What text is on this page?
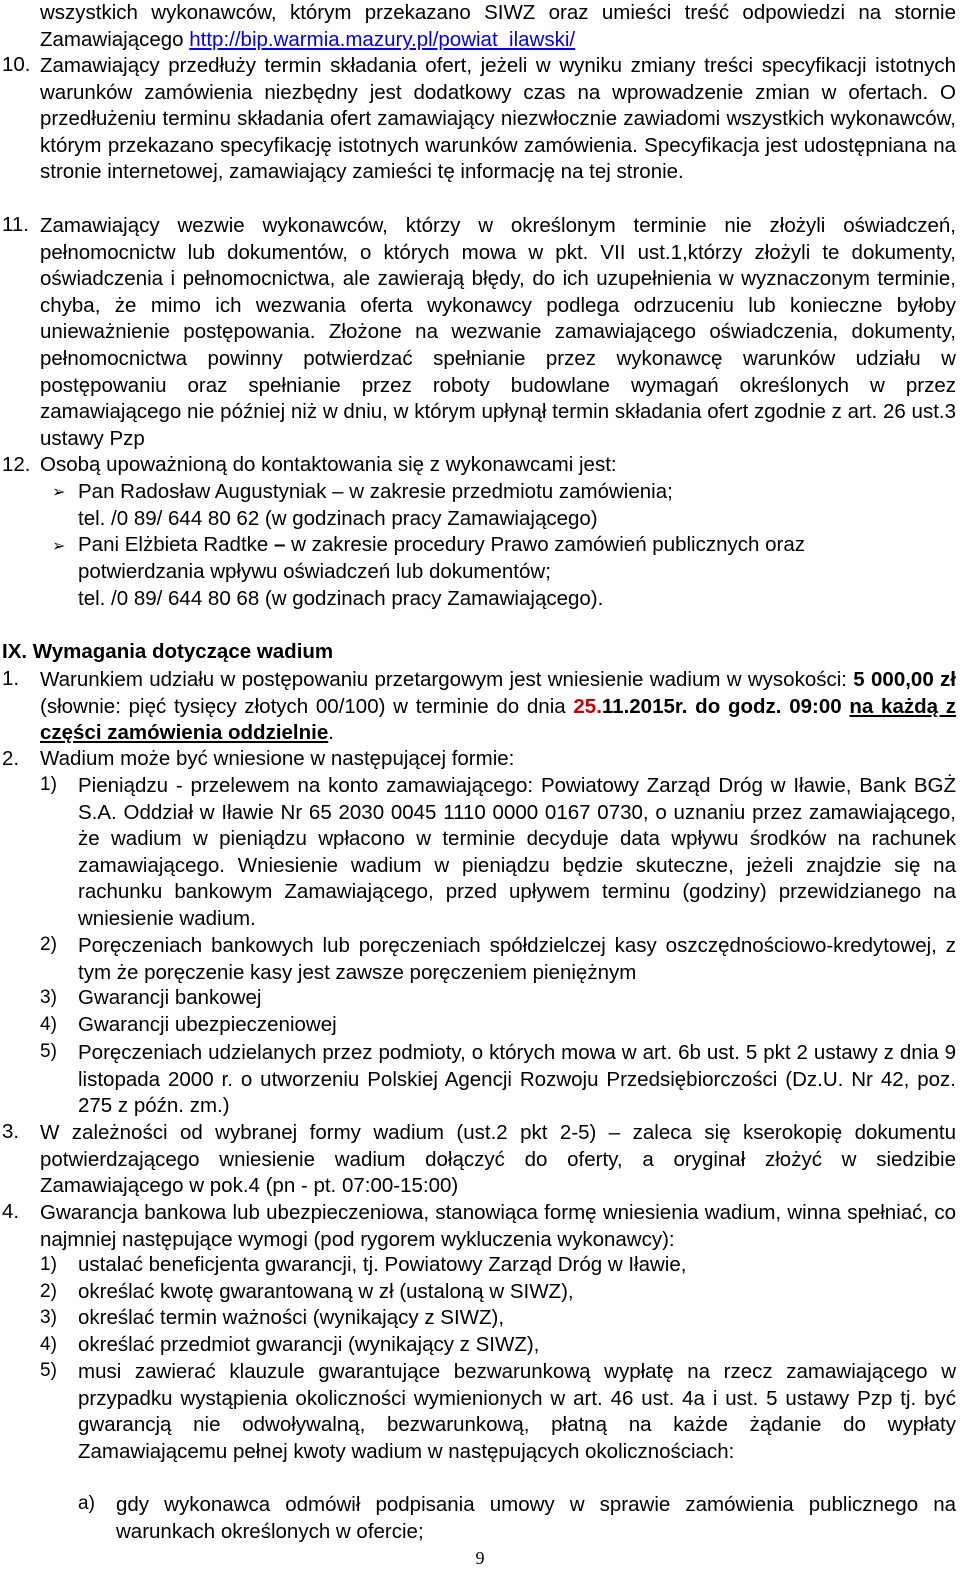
wszystkich wykonawców, którym przekazano SIWZ oraz umieści treść odpowiedzi na stornie Zamawiającego http://bip.warmia.mazury.pl/powiat_ilawski/
10. Zamawiający przedłuży termin składania ofert, jeżeli w wyniku zmiany treści specyfikacji istotnych warunków zamówienia niezbędny jest dodatkowy czas na wprowadzenie zmian w ofertach. O przedłużeniu terminu składania ofert zamawiający niezwłocznie zawiadomi wszystkich wykonawców, którym przekazano specyfikację istotnych warunków zamówienia. Specyfikacja jest udostępniana na stronie internetowej, zamawiający zamieści tę informację na tej stronie.
11. Zamawiający wezwie wykonawców, którzy w określonym terminie nie złożyli oświadczeń, pełnomocnictw lub dokumentów, o których mowa w pkt. VII ust.1,którzy złożyli te dokumenty, oświadczenia i pełnomocnictwa, ale zawierają błędy, do ich uzupełnienia w wyznaczonym terminie, chyba, że mimo ich wezwania oferta wykonawcy podlega odrzuceniu lub konieczne byłoby unieważnienie postępowania. Złożone na wezwanie zamawiającego oświadczenia, dokumenty, pełnomocnictwa powinny potwierdzać spełnianie przez wykonawcę warunków udziału w postępowaniu oraz spełnianie przez roboty budowlane wymagań określonych w przez zamawiającego nie później niż w dniu, w którym upłynął termin składania ofert zgodnie z art. 26 ust.3 ustawy Pzp
12. Osobą upoważnioną do kontaktowania się z wykonawcami jest:
➢ Pan Radosław Augustyniak – w zakresie przedmiotu zamówienia;
tel. /0 89/ 644 80 62 (w godzinach pracy Zamawiającego)
➢ Pani Elżbieta Radtke – w zakresie procedury Prawo zamówień publicznych oraz
potwierdzania wpływu oświadczeń lub dokumentów;
tel. /0 89/ 644 80 68 (w godzinach pracy Zamawiającego).
IX. Wymagania dotyczące wadium
1. Warunkiem udziału w postępowaniu przetargowym jest wniesienie wadium w wysokości: 5 000,00 zł (słownie: pięć tysięcy złotych 00/100) w terminie do dnia 25.11.2015r. do godz. 09:00 na każdą z części zamówienia oddzielnie.
2. Wadium może być wniesione w następującej formie:
1) Pieniądzu - przelewem na konto zamawiającego: Powiatowy Zarząd Dróg w Iławie, Bank BGŻ S.A. Oddział w Iławie Nr 65 2030 0045 1110 0000 0167 0730, o uznaniu przez zamawiającego, że wadium w pieniądzu wpłacono w terminie decyduje data wpływu środków na rachunek zamawiającego. Wniesienie wadium w pieniądzu będzie skuteczne, jeżeli znajdzie się na rachunku bankowym Zamawiającego, przed upływem terminu (godziny) przewidzianego na wniesienie wadium.
2) Poręczeniach bankowych lub poręczeniach spółdzielczej kasy oszczędnościowo-kredytowej, z tym że poręczenie kasy jest zawsze poręczeniem pieniężnym
3) Gwarancji bankowej
4) Gwarancji ubezpieczeniowej
5) Poręczeniach udzielanych przez podmioty, o których mowa w art. 6b ust. 5 pkt 2 ustawy z dnia 9 listopada 2000 r. o utworzeniu Polskiej Agencji Rozwoju Przedsiębiorczości (Dz.U. Nr 42, poz. 275 z późn. zm.)
3. W zależności od wybranej formy wadium (ust.2 pkt 2-5) – zaleca się kserokopię dokumentu potwierdzającego wniesienie wadium dołączyć do oferty, a oryginał złożyć w siedzibie Zamawiającego w pok.4 (pn - pt. 07:00-15:00)
4. Gwarancja bankowa lub ubezpieczeniowa, stanowiąca formę wniesienia wadium, winna spełniać, co najmniej następujące wymogi (pod rygorem wykluczenia wykonawcy):
1) ustalać beneficjenta gwarancji, tj. Powiatowy Zarząd Dróg w Iławie,
2) określać kwotę gwarantowaną w zł (ustaloną w SIWZ),
3) określać termin ważności (wynikający z SIWZ),
4) określać przedmiot gwarancji (wynikający z SIWZ),
5) musi zawierać klauzule gwarantujące bezwarunkową wypłatę na rzecz zamawiającego w przypadku wystąpienia okoliczności wymienionych w art. 46 ust. 4a i ust. 5 ustawy Pzp tj. być gwarancją nie odwoływalną, bezwarunkową, płatną na każde żądanie do wypłaty Zamawiającemu pełnej kwoty wadium w następujących okolicznościach:
a) gdy wykonawca odmówił podpisania umowy w sprawie zamówienia publicznego na warunkach określonych w ofercie;
9
